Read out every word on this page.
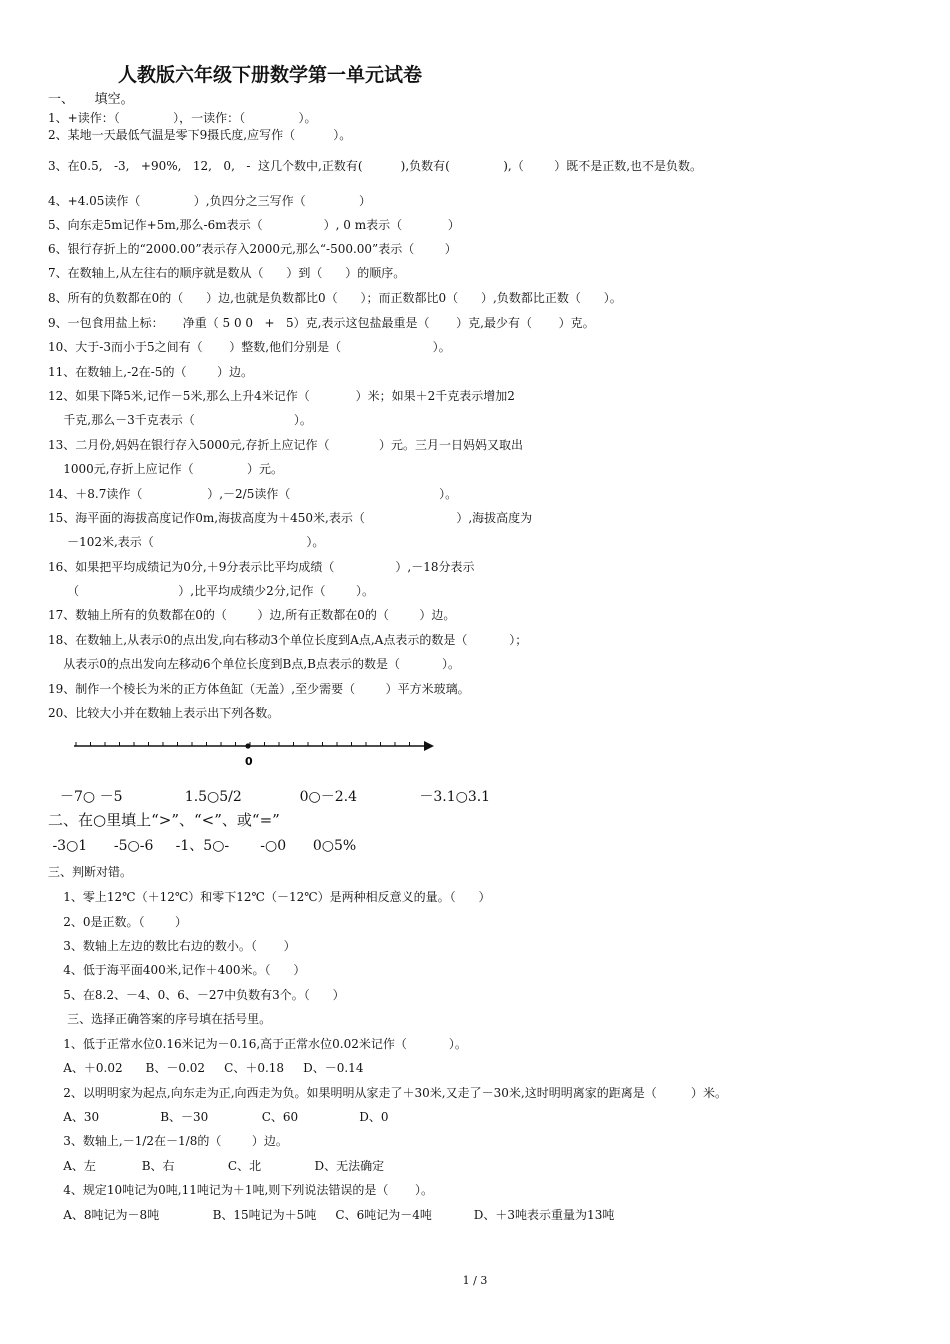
人教版六年级下册数学第一单元试卷
一、     填空。
1、+读作：（              ），一读作：（              ）。
2、某地一天最低气温是零下9摄氏度,应写作（          ）。
3、在0.5,   -3,   +90%,   12,   0,   -  这几个数中,正数有(          ),负数有(              ),（        ）既不是正数,也不是负数。
4、+4.05读作（              ）,负四分之三写作（              ）
5、向东走5m记作+5m,那么-6m表示（                ）, 0 m表示（            ）
6、银行存折上的“2000.00”表示存入2000元,那么“-500.00”表示（        ）
7、在数轴上,从左往右的顺序就是数从（      ）到（      ）的顺序。
8、所有的负数都在0的（      ）边,也就是负数都比0（      ）；而正数都比0（      ）,负数都比正数（      ）。
9、一包食用盐上标：     净重（ 5 0 0   +   5）克,表示这包盐最重是（       ）克,最少有（       ）克。
10、大于-3而小于5之间有（       ）整数,他们分别是（                        ）。
11、在数轴上,-2在-5的（        ）边。
12、如果下降5米,记作－5米,那么上升4米记作（            ）米；如果＋2千克表示增加2
千克,那么－3千克表示（                          ）。
13、二月份,妈妈在银行存入5000元,存折上应记作（             ）元。三月一日妈妈又取出
1000元,存折上应记作（              ）元。
14、＋8.7读作（                 ）,－2/5读作（                                       ）。
15、海平面的海拔高度记作0m,海拔高度为＋450米,表示（                        ）,海拔高度为
－102米,表示（                                        ）。
16、如果把平均成绩记为0分,＋9分表示比平均成绩（                ）,－18分表示
（                          ）,比平均成绩少2分,记作（        ）。
17、数轴上所有的负数都在0的（        ）边,所有正数都在0的（        ）边。
18、在数轴上,从表示0的点出发,向右移动3个单位长度到A点,A点表示的数是（           ）；
从表示0的点出发向左移动6个单位长度到B点,B点表示的数是（           ）。
19、制作一个棱长为米的正方体鱼缸（无盖）,至少需要（        ）平方米玻璃。
20、比较大小并在数轴上表示出下列各数。
0
－7○ －5              1.5○5/2             0○－2.4              －3.1○3.1
二、在○里填上“>”、“<”、或“=”
-3○1      -5○-6     -1、5○-       -○0      0○5%
三、判断对错。
1、零上12℃（＋12℃）和零下12℃（－12℃）是两种相反意义的量。（      ）
2、0是正数。（        ）
3、数轴上左边的数比右边的数小。（       ）
4、低于海平面400米,记作＋400米。（      ）
5、在8.2、－4、0、6、－27中负数有3个。（      ）
三、选择正确答案的序号填在括号里。
1、低于正常水位0.16米记为－0.16,高于正常水位0.02米记作（           ）。
A、＋0.02      B、－0.02     C、＋0.18     D、－0.14
2、以明明家为起点,向东走为正,向西走为负。如果明明从家走了＋30米,又走了－30米,这时明明离家的距离是（         ）米。
A、30                B、－30              C、60                D、0
3、数轴上,－1/2在－1/8的（        ）边。
A、左            B、右              C、北              D、无法确定
4、规定10吨记为0吨,11吨记为＋1吨,则下列说法错误的是（       ）。
A、8吨记为－8吨              B、15吨记为＋5吨     C、6吨记为－4吨           D、＋3吨表示重量为13吨
1 / 3
